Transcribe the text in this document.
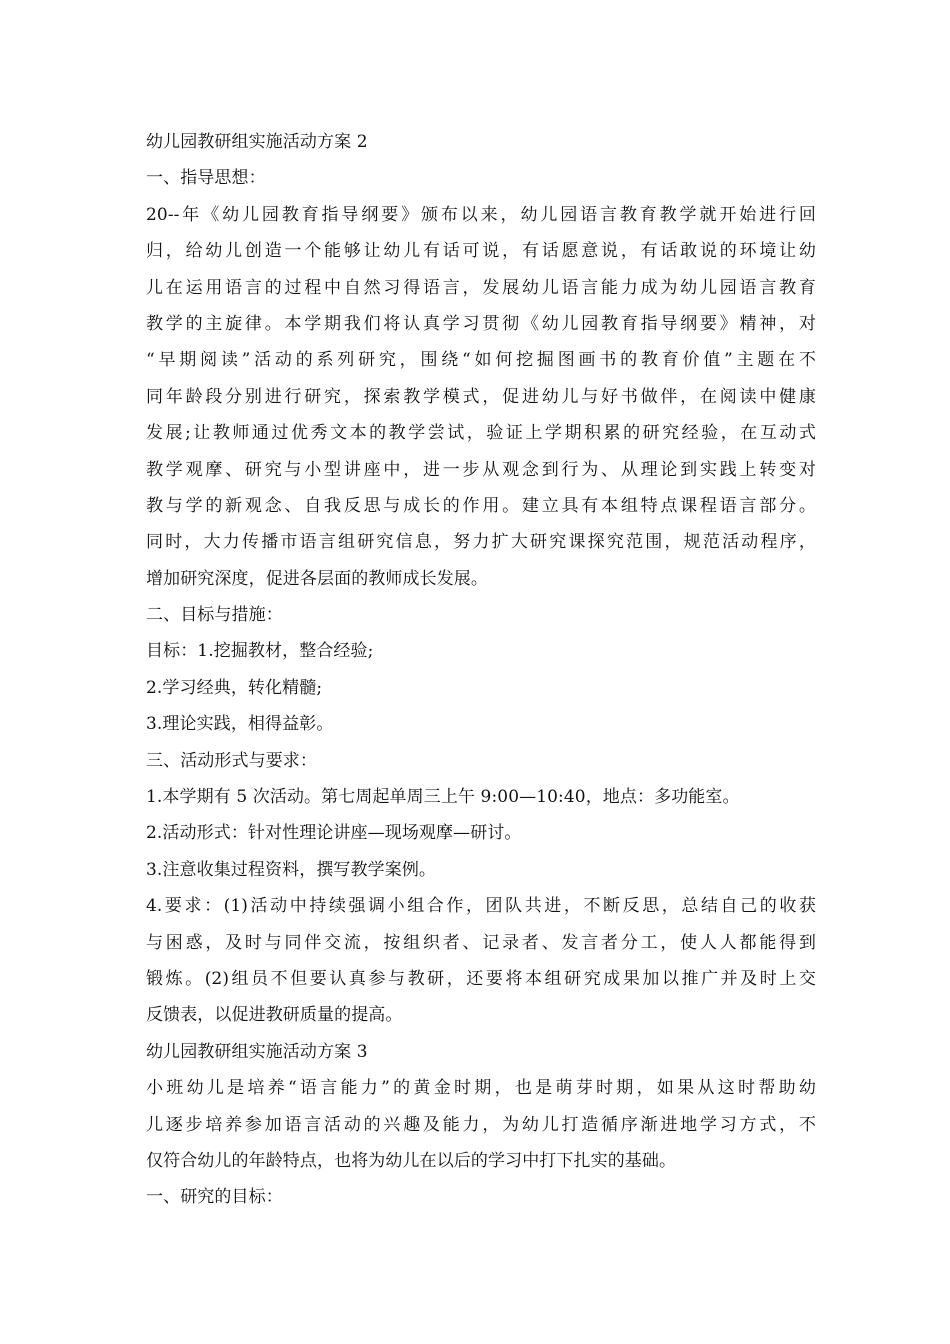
幼儿园教研组实施活动方案 2
一、指导思想：
20--年《幼儿园教育指导纲要》颁布以来，幼儿园语言教育教学就开始进行回
归，给幼儿创造一个能够让幼儿有话可说，有话愿意说，有话敢说的环境让幼
儿在运用语言的过程中自然习得语言，发展幼儿语言能力成为幼儿园语言教育
教学的主旋律。本学期我们将认真学习贯彻《幼儿园教育指导纲要》精神，对
“早期阅读”活动的系列研究，围绕“如何挖掘图画书的教育价值”主题在不
同年龄段分别进行研究，探索教学模式，促进幼儿与好书做伴，在阅读中健康
发展;让教师通过优秀文本的教学尝试，验证上学期积累的研究经验，在互动式
教学观摩、研究与小型讲座中，进一步从观念到行为、从理论到实践上转变对
教与学的新观念、自我反思与成长的作用。建立具有本组特点课程语言部分。
同时，大力传播市语言组研究信息，努力扩大研究课探究范围，规范活动程序，
增加研究深度，促进各层面的教师成长发展。
二、目标与措施：
目标：1.挖掘教材，整合经验;
2.学习经典，转化精髓;
3.理论实践，相得益彰。
三、活动形式与要求：
1.本学期有 5 次活动。第七周起单周三上午 9:00—10:40，地点：多功能室。
2.活动形式：针对性理论讲座—现场观摩—研讨。
3.注意收集过程资料，撰写教学案例。
4.要求：(1)活动中持续强调小组合作，团队共进，不断反思，总结自己的收获
与困惑，及时与同伴交流，按组织者、记录者、发言者分工，使人人都能得到
锻炼。(2)组员不但要认真参与教研，还要将本组研究成果加以推广并及时上交
反馈表，以促进教研质量的提高。
幼儿园教研组实施活动方案 3
小班幼儿是培养“语言能力”的黄金时期，也是萌芽时期，如果从这时帮助幼
儿逐步培养参加语言活动的兴趣及能力，为幼儿打造循序渐进地学习方式，不
仅符合幼儿的年龄特点，也将为幼儿在以后的学习中打下扎实的基础。
一、研究的目标：
